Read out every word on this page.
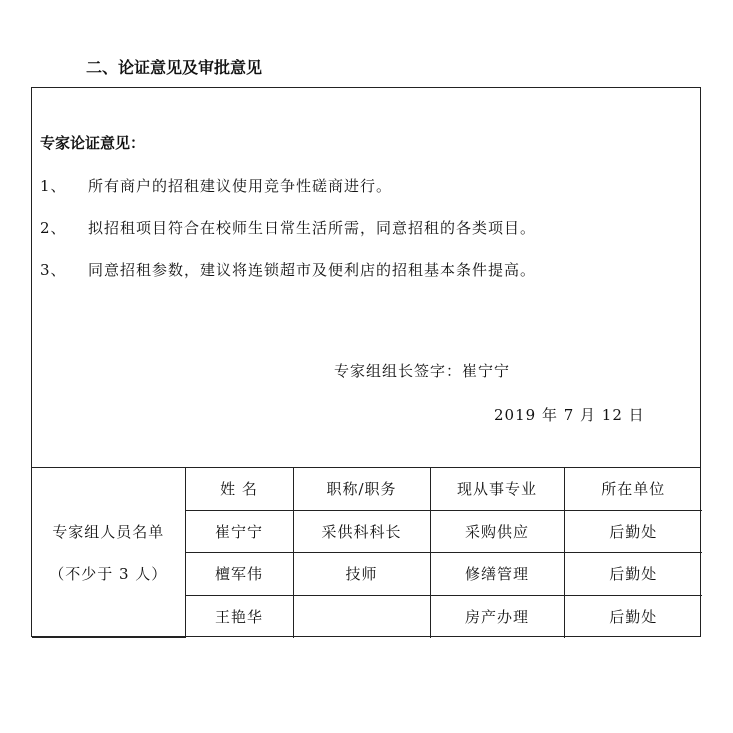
二、论证意见及审批意见
专家论证意见：
1、 所有商户的招租建议使用竞争性磋商进行。
2、 拟招租项目符合在校师生日常生活所需，同意招租的各类项目。
3、 同意招租参数，建议将连锁超市及便利店的招租基本条件提高。
专家组组长签字：崔宁宁
2019 年 7 月 12 日
专家组人员名单
（不少于 3 人）	姓 名	职称/职务	现从事专业	所在单位
	崔宁宁	采供科科长	采购供应	后勤处
	檀军伟	技师	修缮管理	后勤处
	王艳华		房产办理	后勤处
